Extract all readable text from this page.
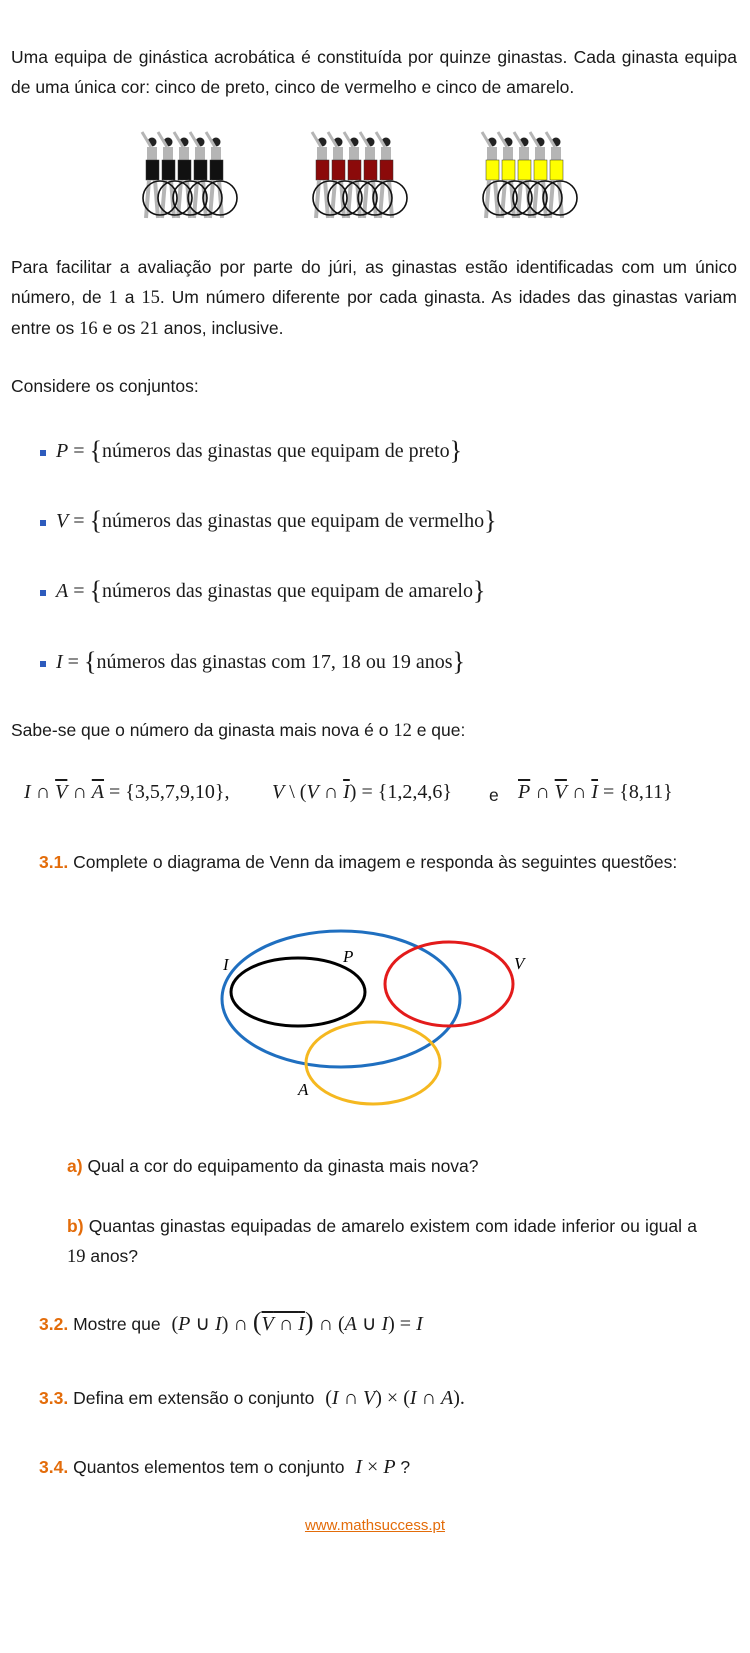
Uma equipa de ginástica acrobática é constituída por quinze ginastas. Cada ginasta equipa de uma única cor: cinco de preto, cinco de vermelho e cinco de amarelo.
Para facilitar a avaliação por parte do júri, as ginastas estão identificadas com um único número, de 1 a 15. Um número diferente por cada ginasta. As idades das ginastas variam entre os 16 e os 21 anos, inclusive.
Considere os conjuntos:
P = {números das ginastas que equipam de preto}
V = {números das ginastas que equipam de vermelho}
A = {números das ginastas que equipam de amarelo}
I = {números das ginastas com 17, 18 ou 19 anos}
Sabe-se que o número da ginasta mais nova é o 12 e que:
I ∩ $\overline{V}$ ∩ $\overline{A} = \{3,5,7,9,10\}$, V \ (V ∩ $\overline{I}) = \{1,2,4,6\}$ e $\overline{P}$ ∩ $\overline{V}$ ∩ $\overline{I} = \{8,11\}$
3.1. Complete o diagrama de Venn da imagem e responda às seguintes questões:
I	P	V
A
a) Qual a cor do equipamento da ginasta mais nova?
b) Quantas ginastas equipadas de amarelo existem com idade inferior ou igual a 19 anos?
3.2. Mostre que (P ∪ I) ∩ (V ∩ I) ∩ (A ∪ I) = I
3.3. Defina em extensão o conjunto (I ∩ V) × (I ∩ A).
3.4. Quantos elementos tem o conjunto I × P ?
www.mathsuccess.pt
